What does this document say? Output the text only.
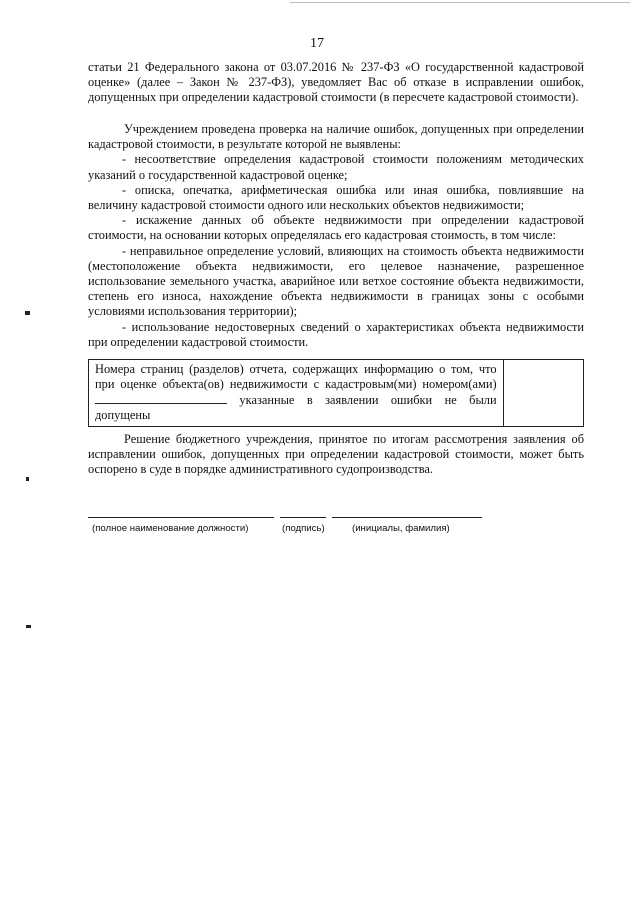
17

статьи 21 Федерального закона от 03.07.2016 № 237-ФЗ «О государственной кадастровой оценке» (далее – Закон № 237-ФЗ), уведомляет Вас об отказе в исправлении ошибок, допущенных при определении кадастровой стоимости (в пересчете кадастровой стоимости).

Учреждением проведена проверка на наличие ошибок, допущенных при определении кадастровой стоимости, в результате которой не выявлены:

- несоответствие определения кадастровой стоимости положениям методических указаний о государственной кадастровой оценке;

- описка, опечатка, арифметическая ошибка или иная ошибка, повлиявшие на величину кадастровой стоимости одного или нескольких объектов недвижимости;

- искажение данных об объекте недвижимости при определении кадастровой стоимости, на основании которых определялась его кадастровая стоимость, в том числе:

- неправильное определение условий, влияющих на стоимость объекта недвижимости (местоположение объекта недвижимости, его целевое назначение, разрешенное использование земельного участка, аварийное или ветхое состояние объекта недвижимости, степень его износа, нахождение объекта недвижимости в границах зоны с особыми условиями использования территории);

- использование недостоверных сведений о характеристиках объекта недвижимости при определении кадастровой стоимости.

Номера страниц (разделов) отчета, содержащих информацию о том, что при оценке объекта(ов) недвижимости с кадастровым(ми) номером(ами)  указанные в заявлении ошибки не были допущены	

Решение бюджетного учреждения, принятое по итогам рассмотрения заявления об исправлении ошибок, допущенных при определении кадастровой стоимости, может быть оспорено в суде в порядке административного судопроизводства.

(полное наименование должности)	(подпись)	(инициалы, фамилия)
